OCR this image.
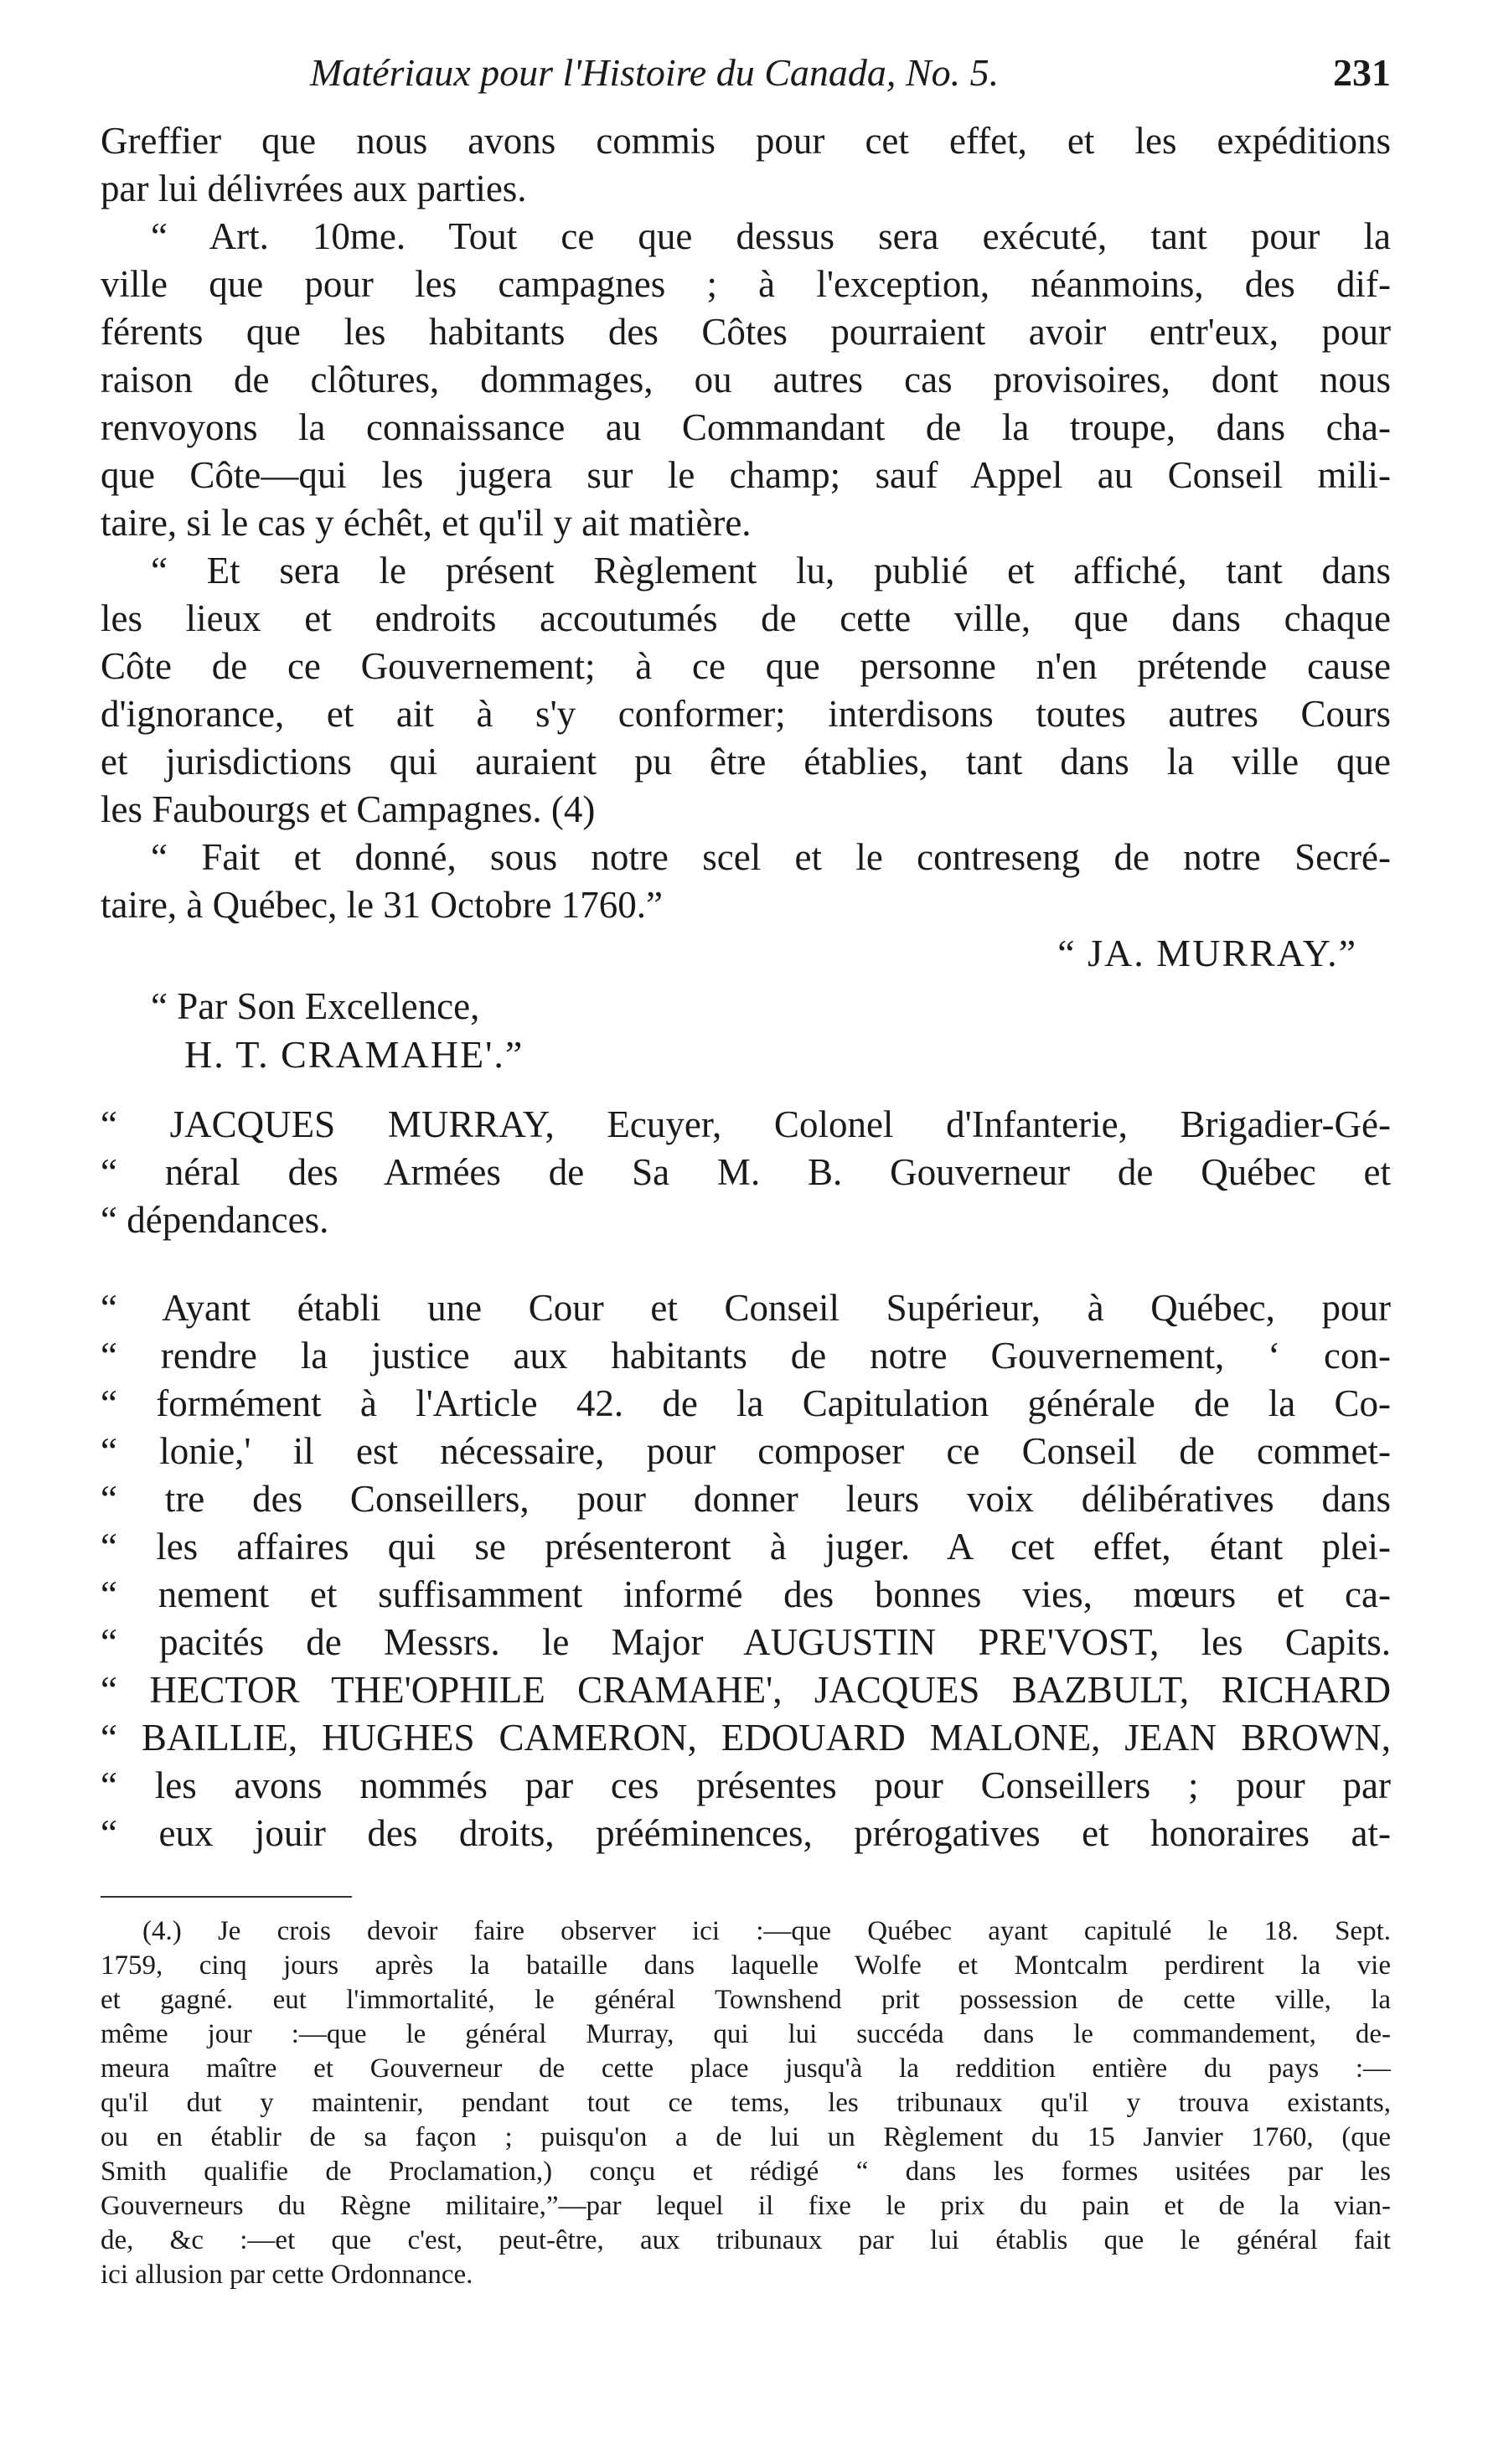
Matériaux pour l'Histoire du Canada, No. 5.	231
Greffier que nous avons commis pour cet effet, et les expéditions
par lui délivrées aux parties.
“ Art. 10me. Tout ce que dessus sera exécuté, tant pour la
ville que pour les campagnes ; à l'exception, néanmoins, des dif-
férents que les habitants des Côtes pourraient avoir entr'eux, pour
raison de clôtures, dommages, ou autres cas provisoires, dont nous
renvoyons la connaissance au Commandant de la troupe, dans cha-
que Côte—qui les jugera sur le champ; sauf Appel au Conseil mili-
taire, si le cas y échêt, et qu'il y ait matière.
“ Et sera le présent Règlement lu, publié et affiché, tant dans
les lieux et endroits accoutumés de cette ville, que dans chaque
Côte de ce Gouvernement; à ce que personne n'en prétende cause
d'ignorance, et ait à s'y conformer; interdisons toutes autres Cours
et jurisdictions qui auraient pu être établies, tant dans la ville que
les Faubourgs et Campagnes. (4)
“ Fait et donné, sous notre scel et le contreseng de notre Secré-
taire, à Québec, le 31 Octobre 1760.”
“ JA. MURRAY.”
“ Par Son Excellence,
H. T. CRAMAHE'.”
“ JACQUES MURRAY, Ecuyer, Colonel d'Infanterie, Brigadier-Gé-
“ néral des Armées de Sa M. B. Gouverneur de Québec et
“ dépendances.
“ Ayant établi une Cour et Conseil Supérieur, à Québec, pour
“ rendre la justice aux habitants de notre Gouvernement, ‘ con-
“ formément à l'Article 42. de la Capitulation générale de la Co-
“ lonie,' il est nécessaire, pour composer ce Conseil de commet-
“ tre des Conseillers, pour donner leurs voix délibératives dans
“ les affaires qui se présenteront à juger. A cet effet, étant plei-
“ nement et suffisamment informé des bonnes vies, mœurs et ca-
“ pacités de Messrs. le Major AUGUSTIN PRE'VOST, les Capits.
“ HECTOR THE'OPHILE CRAMAHE', JACQUES BAZBULT, RICHARD
“ BAILLIE, HUGHES CAMERON, EDOUARD MALONE, JEAN BROWN,
“ les avons nommés par ces présentes pour Conseillers ; pour par
“ eux jouir des droits, prééminences, prérogatives et honoraires at-
(4.) Je crois devoir faire observer ici :—que Québec ayant capitulé le 18. Sept.
1759, cinq jours après la bataille dans laquelle Wolfe et Montcalm perdirent la vie
et gagné. eut l'immortalité, le général Townshend prit possession de cette ville, la
même jour :—que le général Murray, qui lui succéda dans le commandement, de-
meura maître et Gouverneur de cette place jusqu'à la reddition entière du pays :—
qu'il dut y maintenir, pendant tout ce tems, les tribunaux qu'il y trouva existants,
ou en établir de sa façon ; puisqu'on a de lui un Règlement du 15 Janvier 1760, (que
Smith qualifie de Proclamation,) conçu et rédigé “ dans les formes usitées par les
Gouverneurs du Règne militaire,”—par lequel il fixe le prix du pain et de la vian-
de, &c :—et que c'est, peut-être, aux tribunaux par lui établis que le général fait
ici allusion par cette Ordonnance.
